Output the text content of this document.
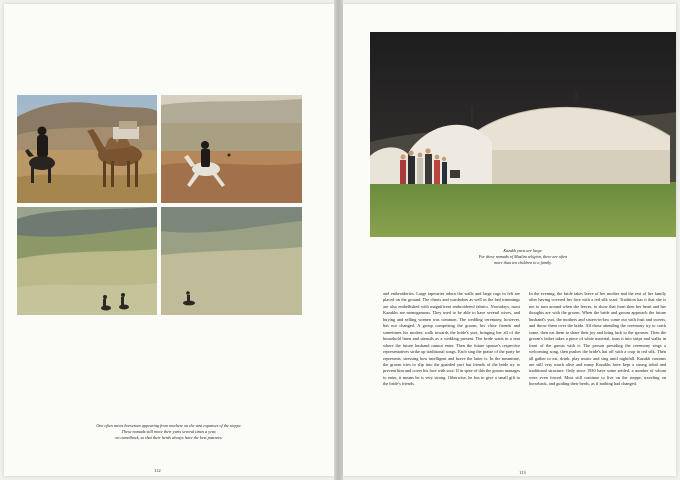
One often meets horsemen appearing from nowhere on the vast expanses of the steppe.
These nomads still move their yurts several times a year,
on camelback, so that their herds always have the best pastures.
112
Kazakh yurts are large.
For these nomads of Muslim religion, there are often
more than ten children to a family.

and embroideries. Large tapestries adorn the walls and large rugs in felt are placed on the ground. The chests and wardrobes as well as the bed trimmings are also embellished with magnificent embroidered fabrics. Nowadays, most Kazakhs are monogamous. They used to be able to have several wives, and buying and selling women was common. The wedding ceremony, however, has not changed. A group comprising the groom, his close friends and sometimes his mother, walk towards the bride's yurt, bringing her all of the household linen and utensils as a wedding present. The bride waits in a tent where the future husband cannot enter. Then the future spouse's respective representatives strike up traditional songs. Each sing the praise of the party he represents, stressing how intelligent and brave the latter is. In the meantime, the groom tries to slip into the guarded yurt but friends of the bride try to prevent him and cover his face with soot. If in spite of this the groom manages to enter, it means he is very strong. Otherwise, he has to give a small gift to the bride's friends.

In the evening, the bride takes leave of her mother and the rest of her family after having covered her face with a red silk scarf. Tradition has it that she is not to turn around when she leaves, to show that from then her heart and her thoughts are with the groom. When the bride and groom approach the future husband's yurt, the mothers and sisters-in-law come out with fruit and sweets, and throw them over the bride. All those attending the ceremony try to catch some, then eat them to share their joy and bring luck to the spouses. Then the groom's father takes a piece of white material, tears it into strips and walks in front of the guests with it. The person presiding the ceremony sings a welcoming song, then pushes the bride's hat off with a crop in red silk. Then all gather to eat, drink, play music and sing until nightfall. Kazakh customs are still very much alive and many Kazakhs have kept a strong tribal and traditional structure. Only since 1930 have some settled, a number of whom were even forced. Most still continue to live on the steppe, traveling on horseback, and guiding their herds, as if nothing had changed.

113
